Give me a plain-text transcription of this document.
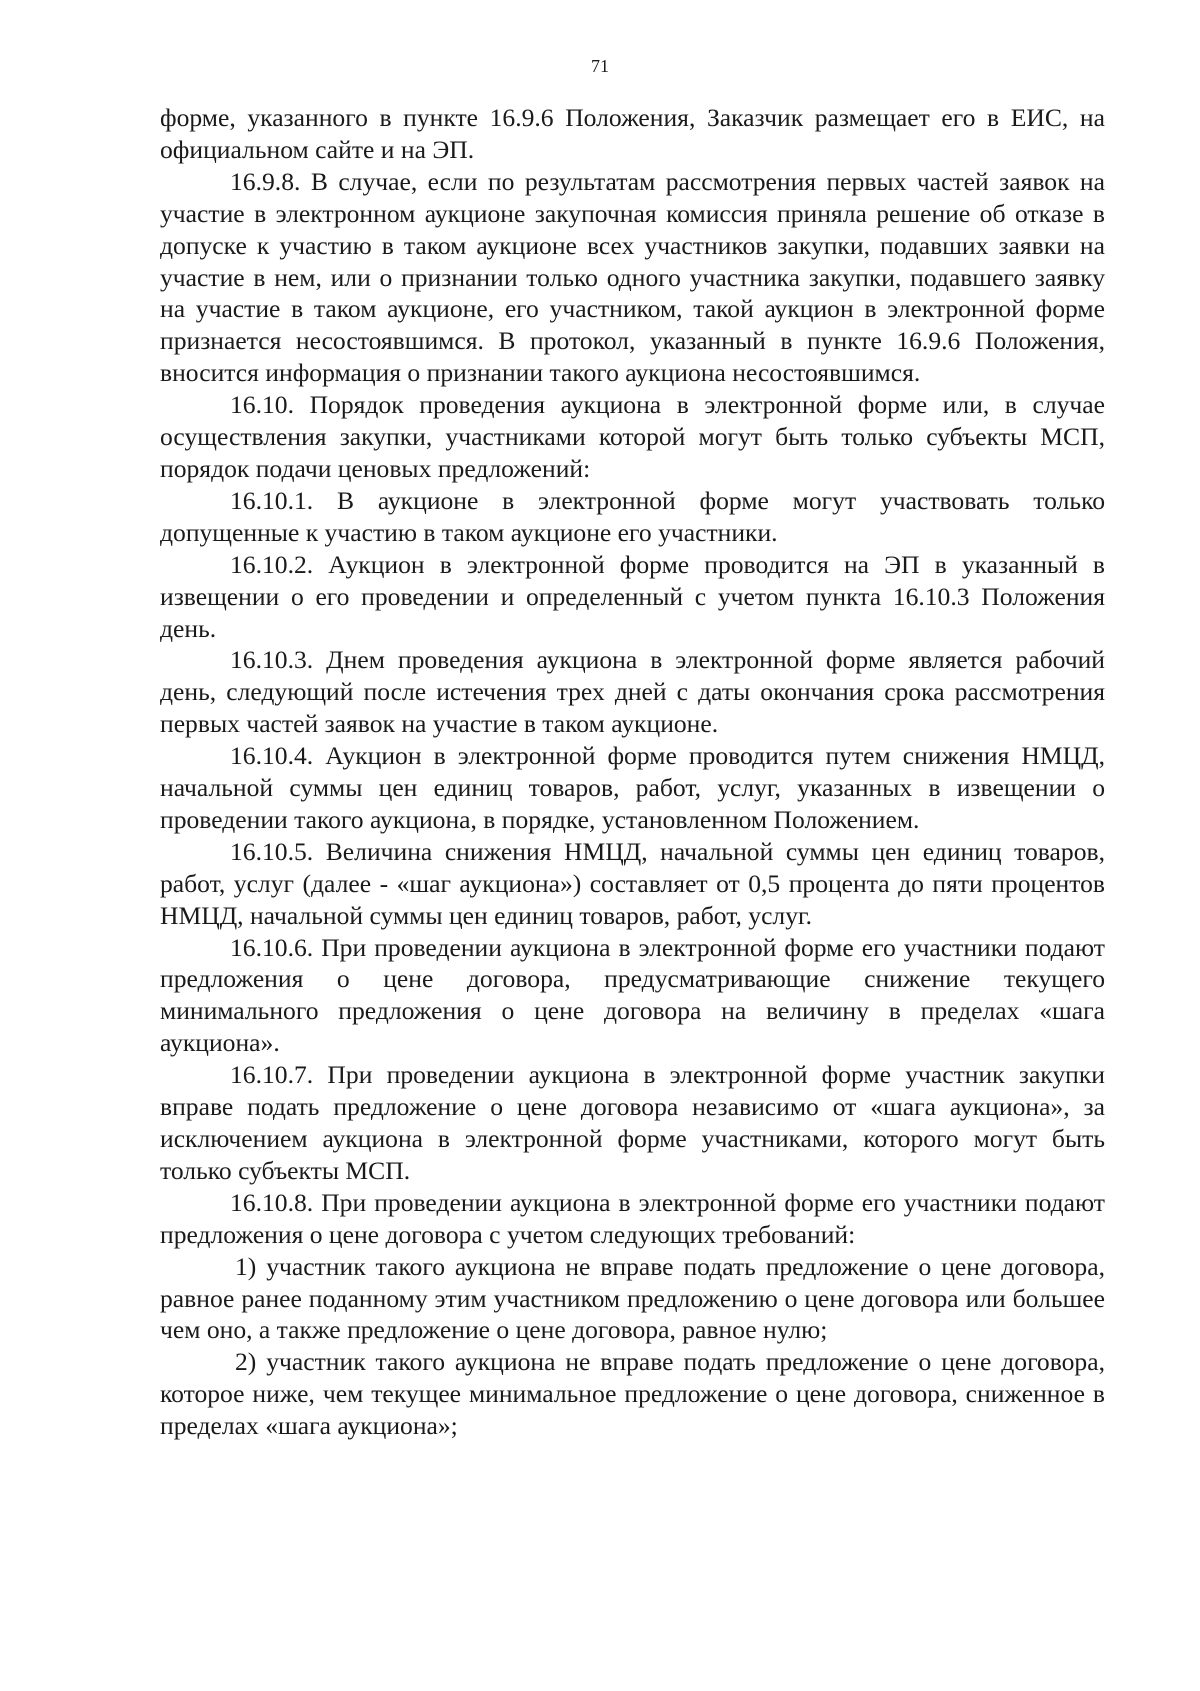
71

форме, указанного в пункте 16.9.6 Положения, Заказчик размещает его в ЕИС, на официальном сайте и на ЭП.

16.9.8. В случае, если по результатам рассмотрения первых частей заявок на участие в электронном аукционе закупочная комиссия приняла решение об отказе в допуске к участию в таком аукционе всех участников закупки, подавших заявки на участие в нем, или о признании только одного участника закупки, подавшего заявку на участие в таком аукционе, его участником, такой аукцион в электронной форме признается несостоявшимся. В протокол, указанный в пункте 16.9.6 Положения, вносится информация о признании такого аукциона несостоявшимся.

16.10. Порядок проведения аукциона в электронной форме или, в случае осуществления закупки, участниками которой могут быть только субъекты МСП, порядок подачи ценовых предложений:

16.10.1. В аукционе в электронной форме могут участвовать только допущенные к участию в таком аукционе его участники.

16.10.2. Аукцион в электронной форме проводится на ЭП в указанный в извещении о его проведении и определенный с учетом пункта 16.10.3 Положения день.

16.10.3. Днем проведения аукциона в электронной форме является рабочий день, следующий после истечения трех дней с даты окончания срока рассмотрения первых частей заявок на участие в таком аукционе.

16.10.4. Аукцион в электронной форме проводится путем снижения НМЦД, начальной суммы цен единиц товаров, работ, услуг, указанных в извещении о проведении такого аукциона, в порядке, установленном Положением.

16.10.5. Величина снижения НМЦД, начальной суммы цен единиц товаров, работ, услуг (далее - «шаг аукциона») составляет от 0,5 процента до пяти процентов НМЦД, начальной суммы цен единиц товаров, работ, услуг.

16.10.6. При проведении аукциона в электронной форме его участники подают предложения о цене договора, предусматривающие снижение текущего минимального предложения о цене договора на величину в пределах «шага аукциона».

16.10.7. При проведении аукциона в электронной форме участник закупки вправе подать предложение о цене договора независимо от «шага аукциона», за исключением аукциона в электронной форме участниками, которого могут быть только субъекты МСП.

16.10.8. При проведении аукциона в электронной форме его участники подают предложения о цене договора с учетом следующих требований:

1) участник такого аукциона не вправе подать предложение о цене договора, равное ранее поданному этим участником предложению о цене договора или большее чем оно, а также предложение о цене договора, равное нулю;

2) участник такого аукциона не вправе подать предложение о цене договора, которое ниже, чем текущее минимальное предложение о цене договора, сниженное в пределах «шага аукциона»;
